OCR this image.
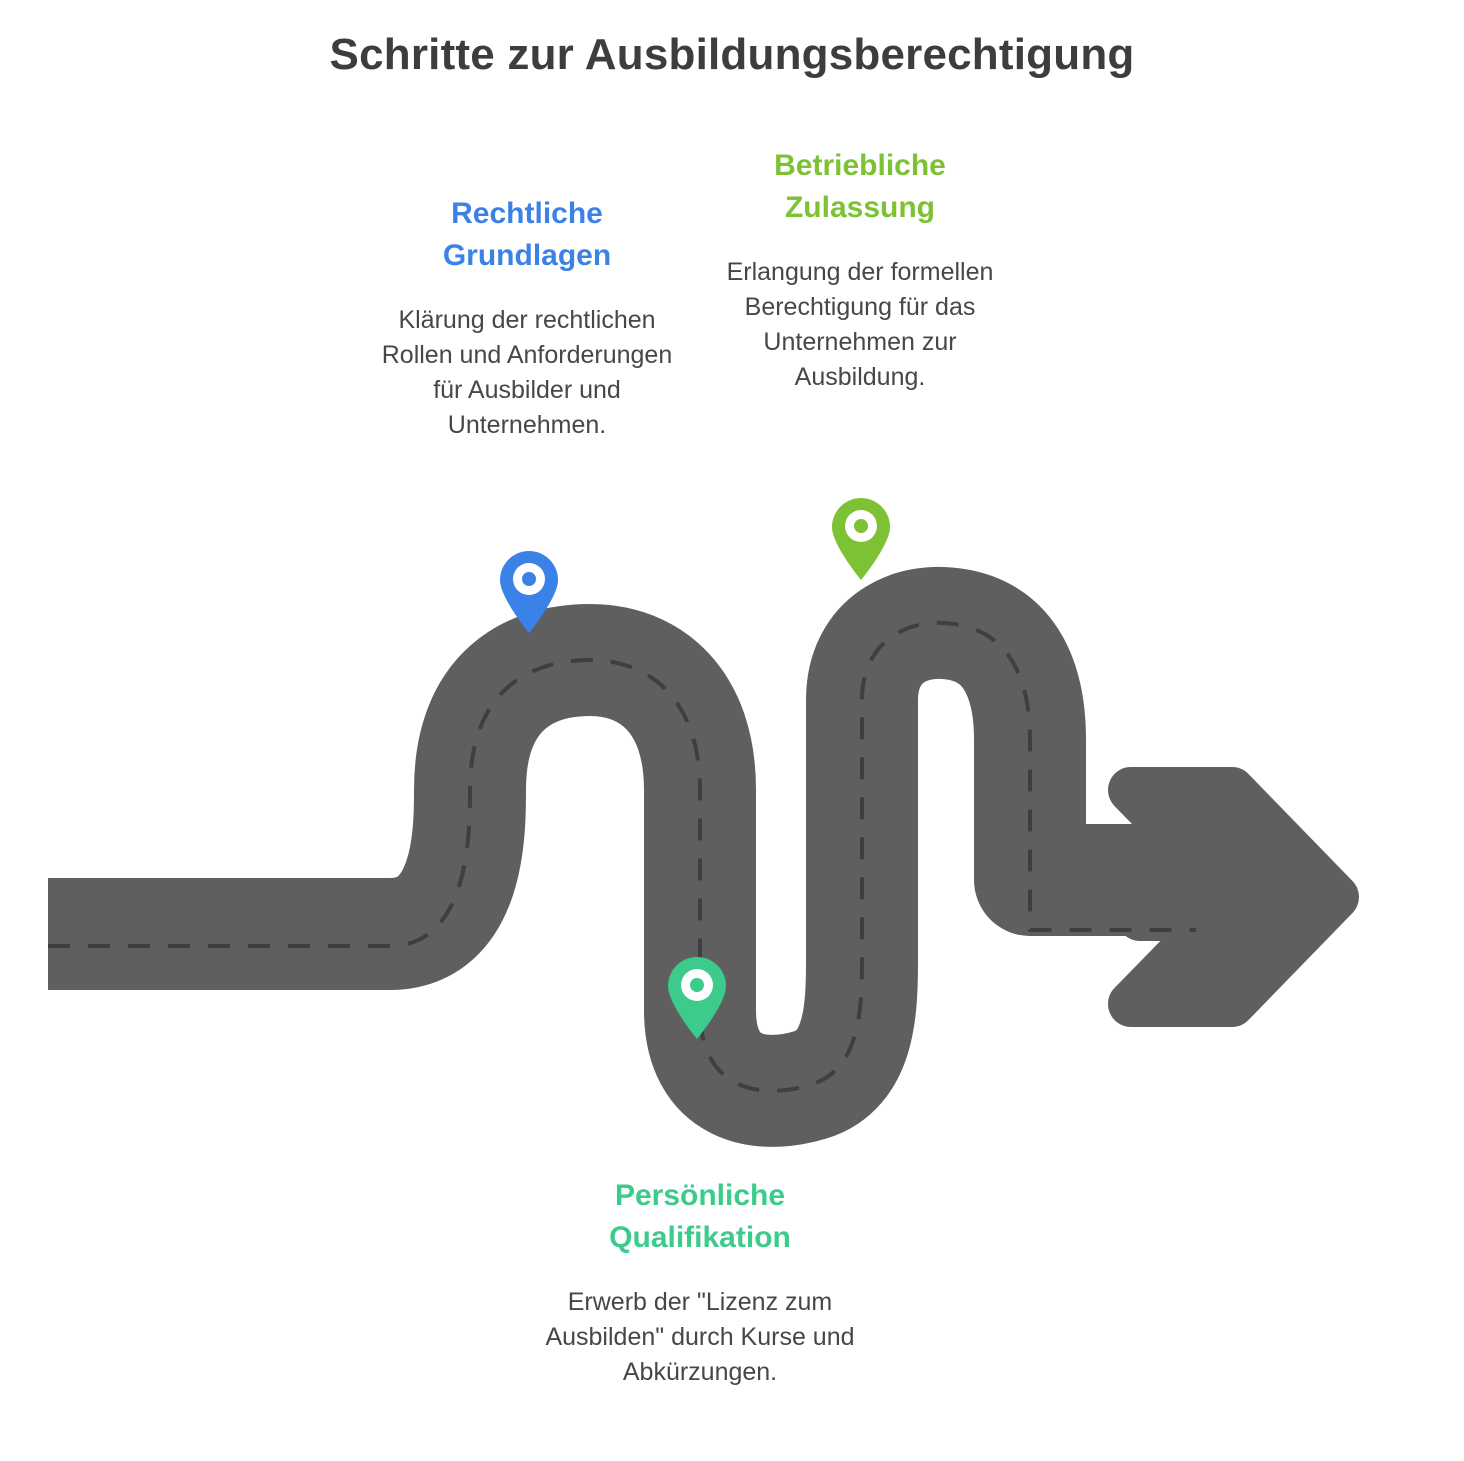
Schritte zur Ausbildungsberechtigung
Rechtliche Grundlagen
Klärung der rechtlichen Rollen und Anforderungen für Ausbilder und Unternehmen.
Betriebliche Zulassung
Erlangung der formellen Berechtigung für das Unternehmen zur Ausbildung.
Persönliche Qualifikation
Erwerb der "Lizenz zum Ausbilden" durch Kurse und Abkürzungen.
